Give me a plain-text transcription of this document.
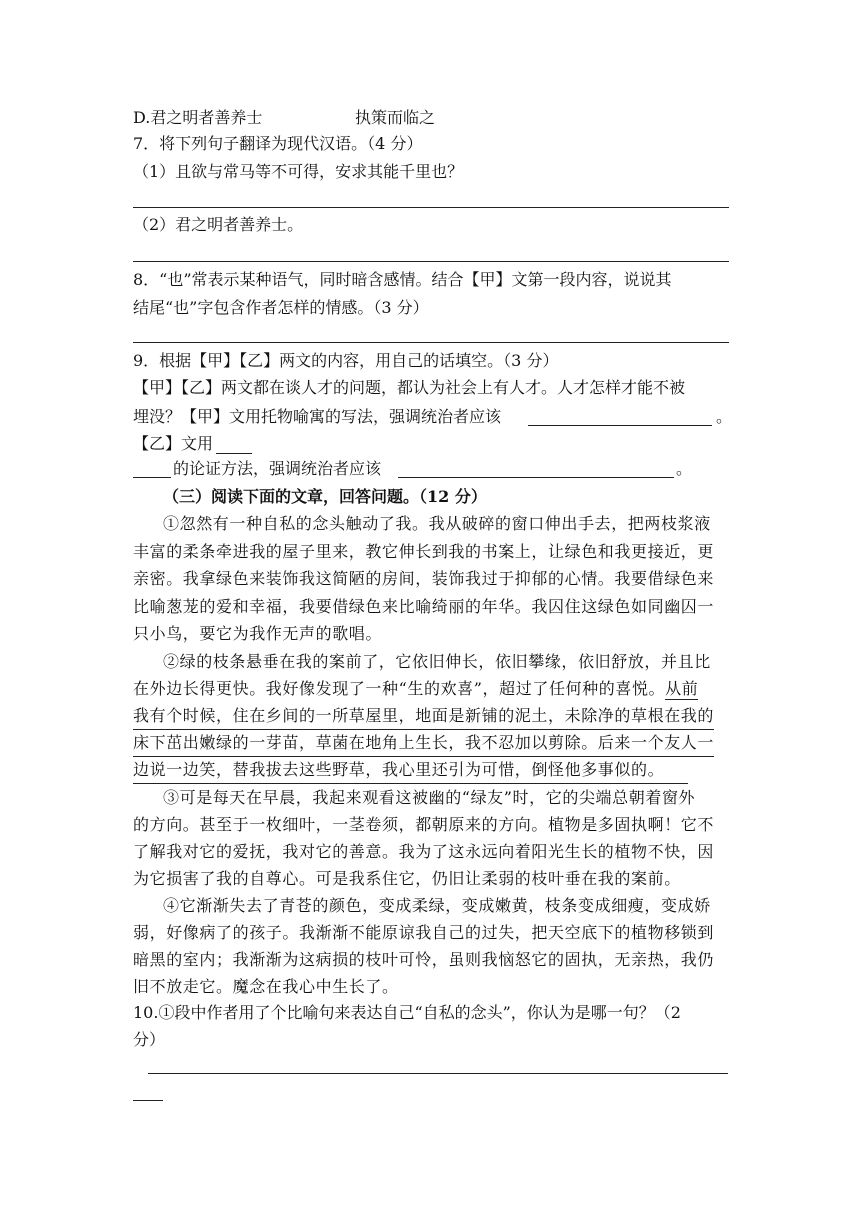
D.君之明者善养士	执策而临之
7．将下列句子翻译为现代汉语。（4 分）
（1）且欲与常马等不可得，安求其能千里也？
（2）君之明者善养士。
8．“也”常表示某种语气，同时暗含感情。结合【甲】文第一段内容，说说其
结尾“也”字包含作者怎样的情感。（3 分）
9．根据【甲】【乙】两文的内容，用自己的话填空。（3 分）
【甲】【乙】两文都在谈人才的问题，都认为社会上有人才。人才怎样才能不被
埋没？【甲】文用托物喻寓的写法，强调统治者应该	。
【乙】文用
的论证方法，强调统治者应该	。
（三）阅读下面的文章，回答问题。（12 分）
①忽然有一种自私的念头触动了我。我从破碎的窗口伸出手去，把两枝浆液
丰富的柔条牵进我的屋子里来，教它伸长到我的书案上，让绿色和我更接近，更
亲密。我拿绿色来装饰我这简陋的房间，装饰我过于抑郁的心情。我要借绿色来
比喻葱茏的爱和幸福，我要借绿色来比喻绮丽的年华。我囚住这绿色如同幽囚一
只小鸟，要它为我作无声的歌唱。
②绿的枝条悬垂在我的案前了，它依旧伸长，依旧攀缘，依旧舒放，并且比
在外边长得更快。我好像发现了一种“生的欢喜”，超过了任何种的喜悦。从前
我有个时候，住在乡间的一所草屋里，地面是新铺的泥土，未除净的草根在我的
床下茁出嫩绿的一芽苗，草菌在地角上生长，我不忍加以剪除。后来一个友人一
边说一边笑，替我拔去这些野草，我心里还引为可惜，倒怪他多事似的。
③可是每天在早晨，我起来观看这被幽的“绿友”时，它的尖端总朝着窗外
的方向。甚至于一枚细叶，一茎卷须，都朝原来的方向。植物是多固执啊！它不
了解我对它的爱抚，我对它的善意。我为了这永远向着阳光生长的植物不快，因
为它损害了我的自尊心。可是我系住它，仍旧让柔弱的枝叶垂在我的案前。
④它渐渐失去了青苍的颜色，变成柔绿，变成嫩黄，枝条变成细瘦，变成娇
弱，好像病了的孩子。我渐渐不能原谅我自己的过失，把天空底下的植物移锁到
暗黑的室内；我渐渐为这病损的枝叶可怜，虽则我恼怒它的固执，无亲热，我仍
旧不放走它。魔念在我心中生长了。
10.①段中作者用了个比喻句来表达自己“自私的念头”，你认为是哪一句？（2
分）
